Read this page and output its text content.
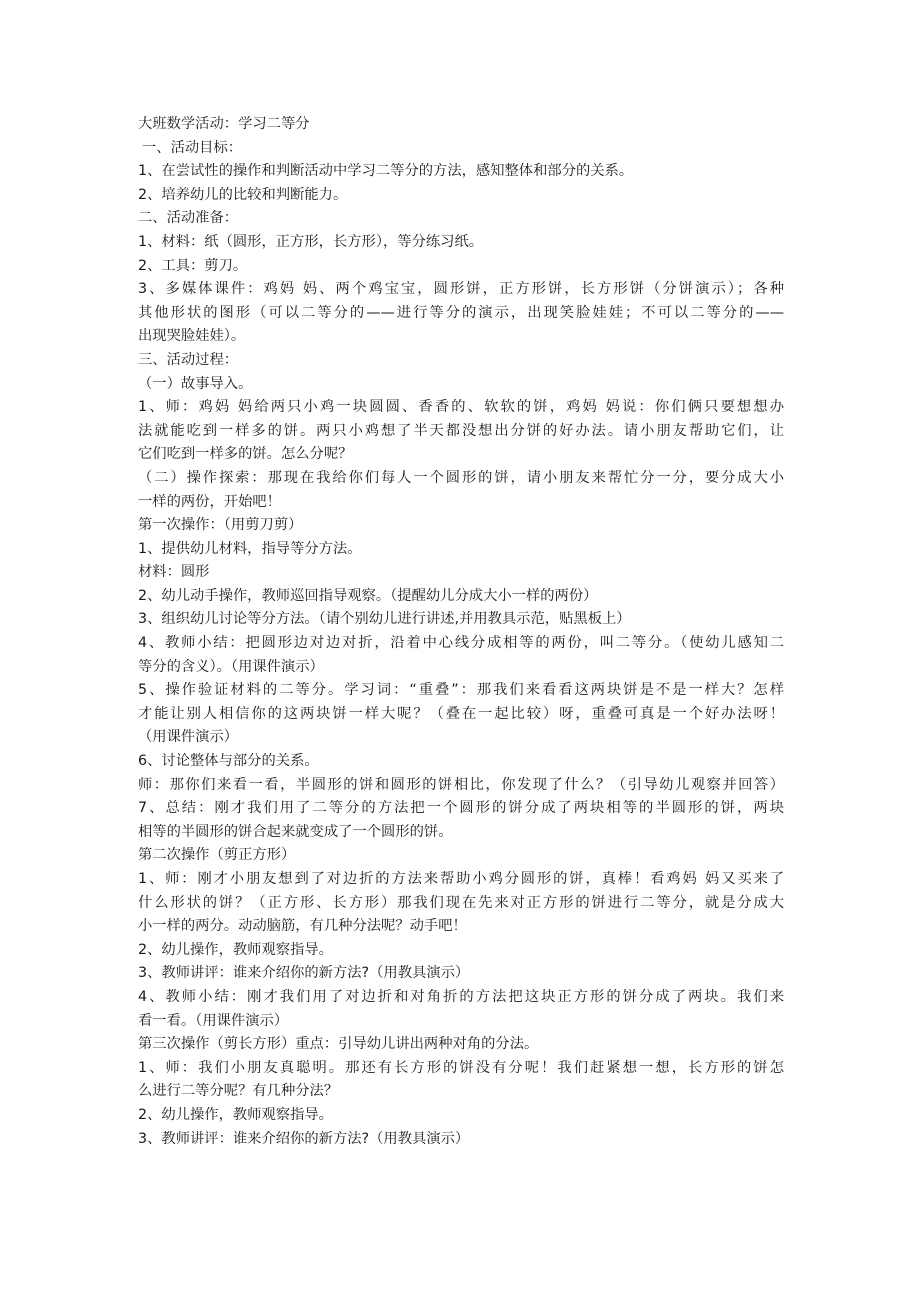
大班数学活动：学习二等分
一、活动目标：
1、在尝试性的操作和判断活动中学习二等分的方法，感知整体和部分的关系。
2、培养幼儿的比较和判断能力。
二、活动准备：
1、材料：纸（圆形，正方形，长方形），等分练习纸。
2、工具：剪刀。
3、多媒体课件：鸡妈 妈、两个鸡宝宝，圆形饼，正方形饼，长方形饼（分饼演示）；各种
其他形状的图形（可以二等分的——进行等分的演示，出现笑脸娃娃；不可以二等分的——
出现哭脸娃娃）。
三、活动过程：
（一）故事导入。
1、师：鸡妈 妈给两只小鸡一块圆圆、香香的、软软的饼，鸡妈 妈说：你们俩只要想想办
法就能吃到一样多的饼。两只小鸡想了半天都没想出分饼的好办法。请小朋友帮助它们，让
它们吃到一样多的饼。怎么分呢？
（二）操作探索：那现在我给你们每人一个圆形的饼，请小朋友来帮忙分一分，要分成大小
一样的两份，开始吧！
第一次操作：（用剪刀剪）
1、提供幼儿材料，指导等分方法。
材料：圆形
2、幼儿动手操作，教师巡回指导观察。（提醒幼儿分成大小一样的两份）
3、组织幼儿讨论等分方法。（请个别幼儿进行讲述,并用教具示范，贴黑板上）
4、教师小结：把圆形边对边对折，沿着中心线分成相等的两份，叫二等分。（使幼儿感知二
等分的含义）。（用课件演示）
5、操作验证材料的二等分。学习词：“重叠”：那我们来看看这两块饼是不是一样大？怎样
才能让别人相信你的这两块饼一样大呢？（叠在一起比较）呀，重叠可真是一个好办法呀！
（用课件演示）
6、讨论整体与部分的关系。
师：那你们来看一看，半圆形的饼和圆形的饼相比，你发现了什么？（引导幼儿观察并回答）
7、总结：刚才我们用了二等分的方法把一个圆形的饼分成了两块相等的半圆形的饼，两块
相等的半圆形的饼合起来就变成了一个圆形的饼。
第二次操作（剪正方形）
1、师：刚才小朋友想到了对边折的方法来帮助小鸡分圆形的饼，真棒！看鸡妈 妈又买来了
什么形状的饼？（正方形、长方形）那我们现在先来对正方形的饼进行二等分，就是分成大
小一样的两分。动动脑筋，有几种分法呢？动手吧！
2、幼儿操作，教师观察指导。
3、教师讲评：谁来介绍你的新方法?（用教具演示）
4、教师小结：刚才我们用了对边折和对角折的方法把这块正方形的饼分成了两块。我们来
看一看。（用课件演示）
第三次操作（剪长方形）重点：引导幼儿讲出两种对角的分法。
1、师：我们小朋友真聪明。那还有长方形的饼没有分呢！我们赶紧想一想，长方形的饼怎
么进行二等分呢？有几种分法？
2、幼儿操作，教师观察指导。
3、教师讲评：谁来介绍你的新方法?（用教具演示）
